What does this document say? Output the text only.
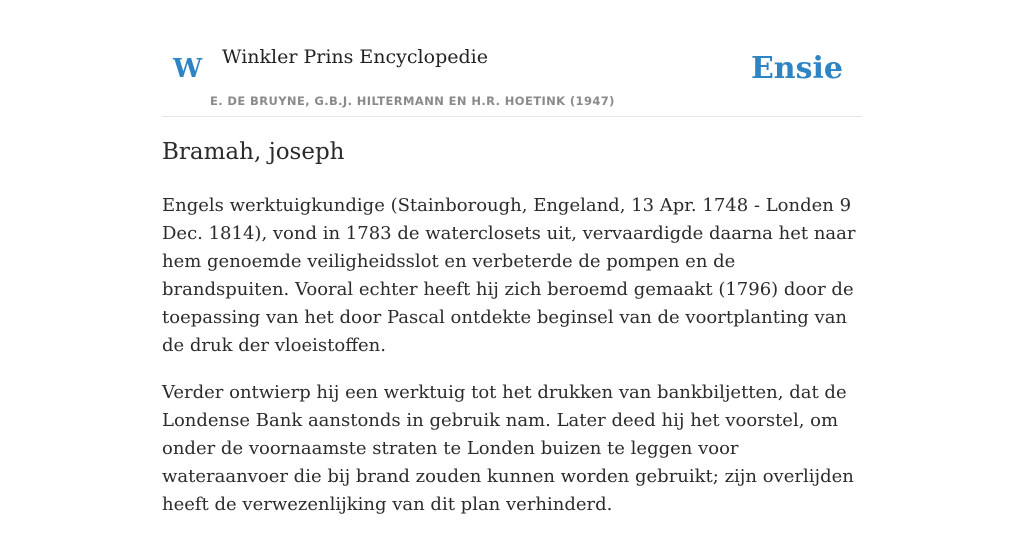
W Winkler Prins Encyclopedie
E. DE BRUYNE, G.B.J. HILTERMANN EN H.R. HOETINK (1947)
Ensie
Bramah, joseph

Engels werktuigkundige (Stainborough, Engeland, 13 Apr. 1748 - Londen 9 Dec. 1814), vond in 1783 de waterclosets uit, vervaardigde daarna het naar hem genoemde veiligheidsslot en verbeterde de pompen en de brandspuiten. Vooral echter heeft hij zich beroemd gemaakt (1796) door de toepassing van het door Pascal ontdekte beginsel van de voortplanting van de druk der vloeistoffen.

Verder ontwierp hij een werktuig tot het drukken van bankbiljetten, dat de Londense Bank aanstonds in gebruik nam. Later deed hij het voorstel, om onder de voornaamste straten te Londen buizen te leggen voor wateraanvoer die bij brand zouden kunnen worden gebruikt; zijn overlijden heeft de verwezenlijking van dit plan verhinderd.
